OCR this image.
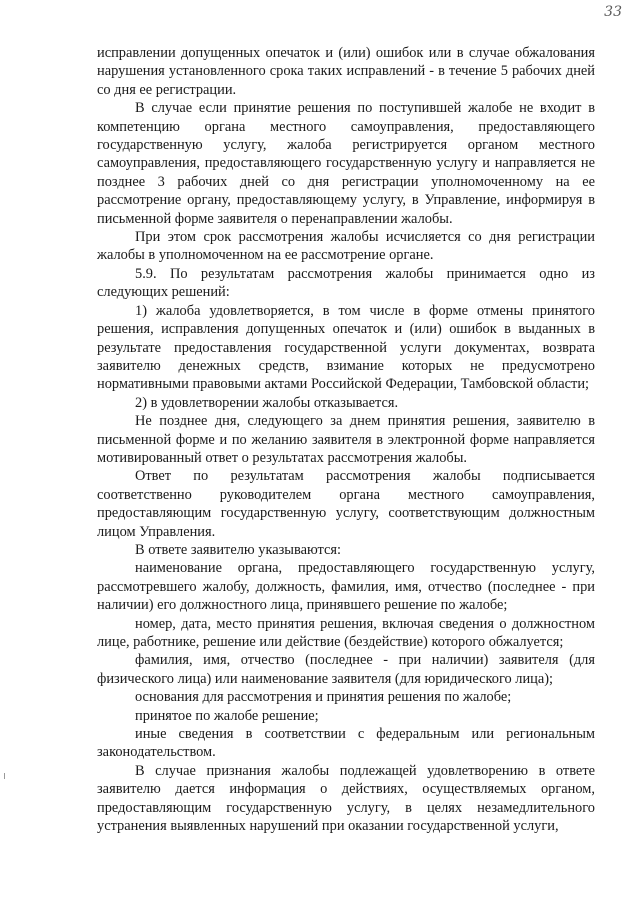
33

исправлении допущенных опечаток и (или) ошибок или в случае обжалования нарушения установленного срока таких исправлений - в течение 5 рабочих дней со дня ее регистрации.

В случае если принятие решения по поступившей жалобе не входит в компетенцию органа местного самоуправления, предоставляющего государственную услугу, жалоба регистрируется органом местного самоуправления, предоставляющего государственную услугу и направляется не позднее 3 рабочих дней со дня регистрации уполномоченному на ее рассмотрение органу, предоставляющему услугу, в Управление, информируя в письменной форме заявителя о перенаправлении жалобы.

При этом срок рассмотрения жалобы исчисляется со дня регистрации жалобы в уполномоченном на ее рассмотрение органе.

5.9. По результатам рассмотрения жалобы принимается одно из следующих решений:

1) жалоба удовлетворяется, в том числе в форме отмены принятого решения, исправления допущенных опечаток и (или) ошибок в выданных в результате предоставления государственной услуги документах, возврата заявителю денежных средств, взимание которых не предусмотрено нормативными правовыми актами Российской Федерации, Тамбовской области;

2) в удовлетворении жалобы отказывается.

Не позднее дня, следующего за днем принятия решения, заявителю в письменной форме и по желанию заявителя в электронной форме направляется мотивированный ответ о результатах рассмотрения жалобы.

Ответ по результатам рассмотрения жалобы подписывается соответственно руководителем органа местного самоуправления, предоставляющим государственную услугу, соответствующим должностным лицом Управления.

В ответе заявителю указываются:

наименование органа, предоставляющего государственную услугу, рассмотревшего жалобу, должность, фамилия, имя, отчество (последнее - при наличии) его должностного лица, принявшего решение по жалобе;

номер, дата, место принятия решения, включая сведения о должностном лице, работнике, решение или действие (бездействие) которого обжалуется;

фамилия, имя, отчество (последнее - при наличии) заявителя (для физического лица) или наименование заявителя (для юридического лица);

основания для рассмотрения и принятия решения по жалобе;

принятое по жалобе решение;

иные сведения в соответствии с федеральным или региональным законодательством.

В случае признания жалобы подлежащей удовлетворению в ответе заявителю дается информация о действиях, осуществляемых органом, предоставляющим государственную услугу, в целях незамедлительного устранения выявленных нарушений при оказании государственной услуги,
